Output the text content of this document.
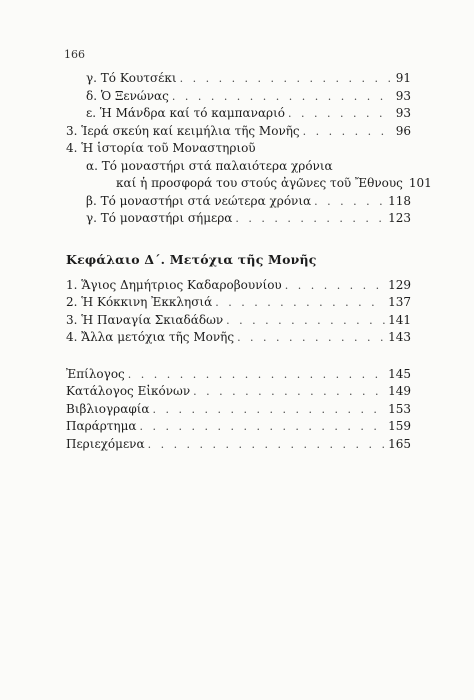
166
γ. Τό Κουτσέκι . . .	91
δ. Ὁ Ξενώνας . . .	93
ε. Ἡ Μάνδρα καί τό καμπαναριό . . .	93
3. Ἱερά σκεύη καί κειμήλια τῆς Μονῆς . . .	96
4. Ἡ ἱστορία τοῦ Μοναστηριοῦ
α. Τό μοναστήρι στά παλαιότερα χρόνια
καί ἡ προσφορά του στούς ἀγῶνες τοῦ Ἔθνους 101
β. Τό μοναστήρι στά νεώτερα χρόνια . . .	118
γ. Τό μοναστήρι σήμερα . . .	123
Κεφάλαιο Δ΄. Μετόχια τῆς Μονῆς
1. Ἅγιος Δημήτριος Καδαροβουνίου . . .	129
2. Ἡ Κόκκινη Ἐκκλησιά . . .	137
3. Ἡ Παναγία Σκιαδάδων . . .	141
4. Ἄλλα μετόχια τῆς Μονῆς . . .	143
Ἐπίλογος . . .	145
Κατάλογος Εἰκόνων . . .	149
Βιβλιογραφία . . .	153
Παράρτημα . . .	159
Περιεχόμενα . . .	165
